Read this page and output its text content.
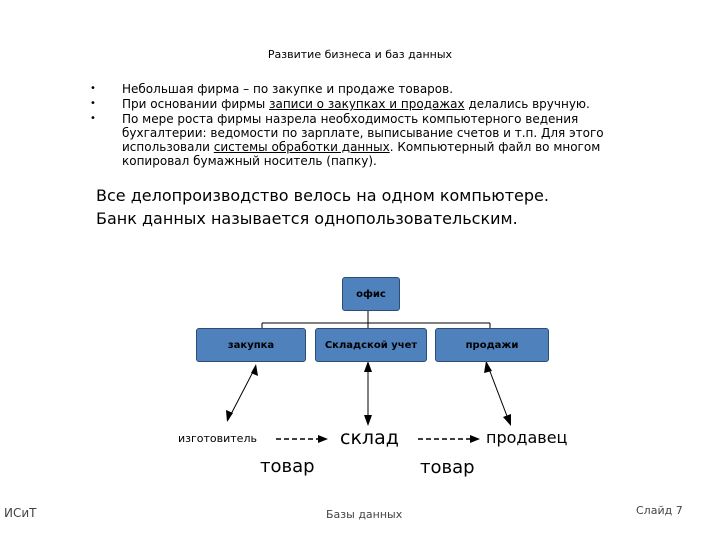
Развитие бизнеса и баз данных
• Небольшая фирма – по закупке и продаже товаров.
• При основании фирмы записи о закупках и продажах делались вручную.
• По мере роста фирмы назрела необходимость компьютерного ведения бухгалтерии: ведомости по зарплате, выписывание счетов и т.п. Для этого использовали системы обработки данных. Компьютерный файл во многом копировал бумажный носитель (папку).
Все делопроизводство велось на одном компьютере.
Банк данных называется однопользовательским.
офис
закупка	Складской учет	продажи
изготовитель	склад	продавец
товар	товар
ИСиТ	Базы данных	Слайд 7
